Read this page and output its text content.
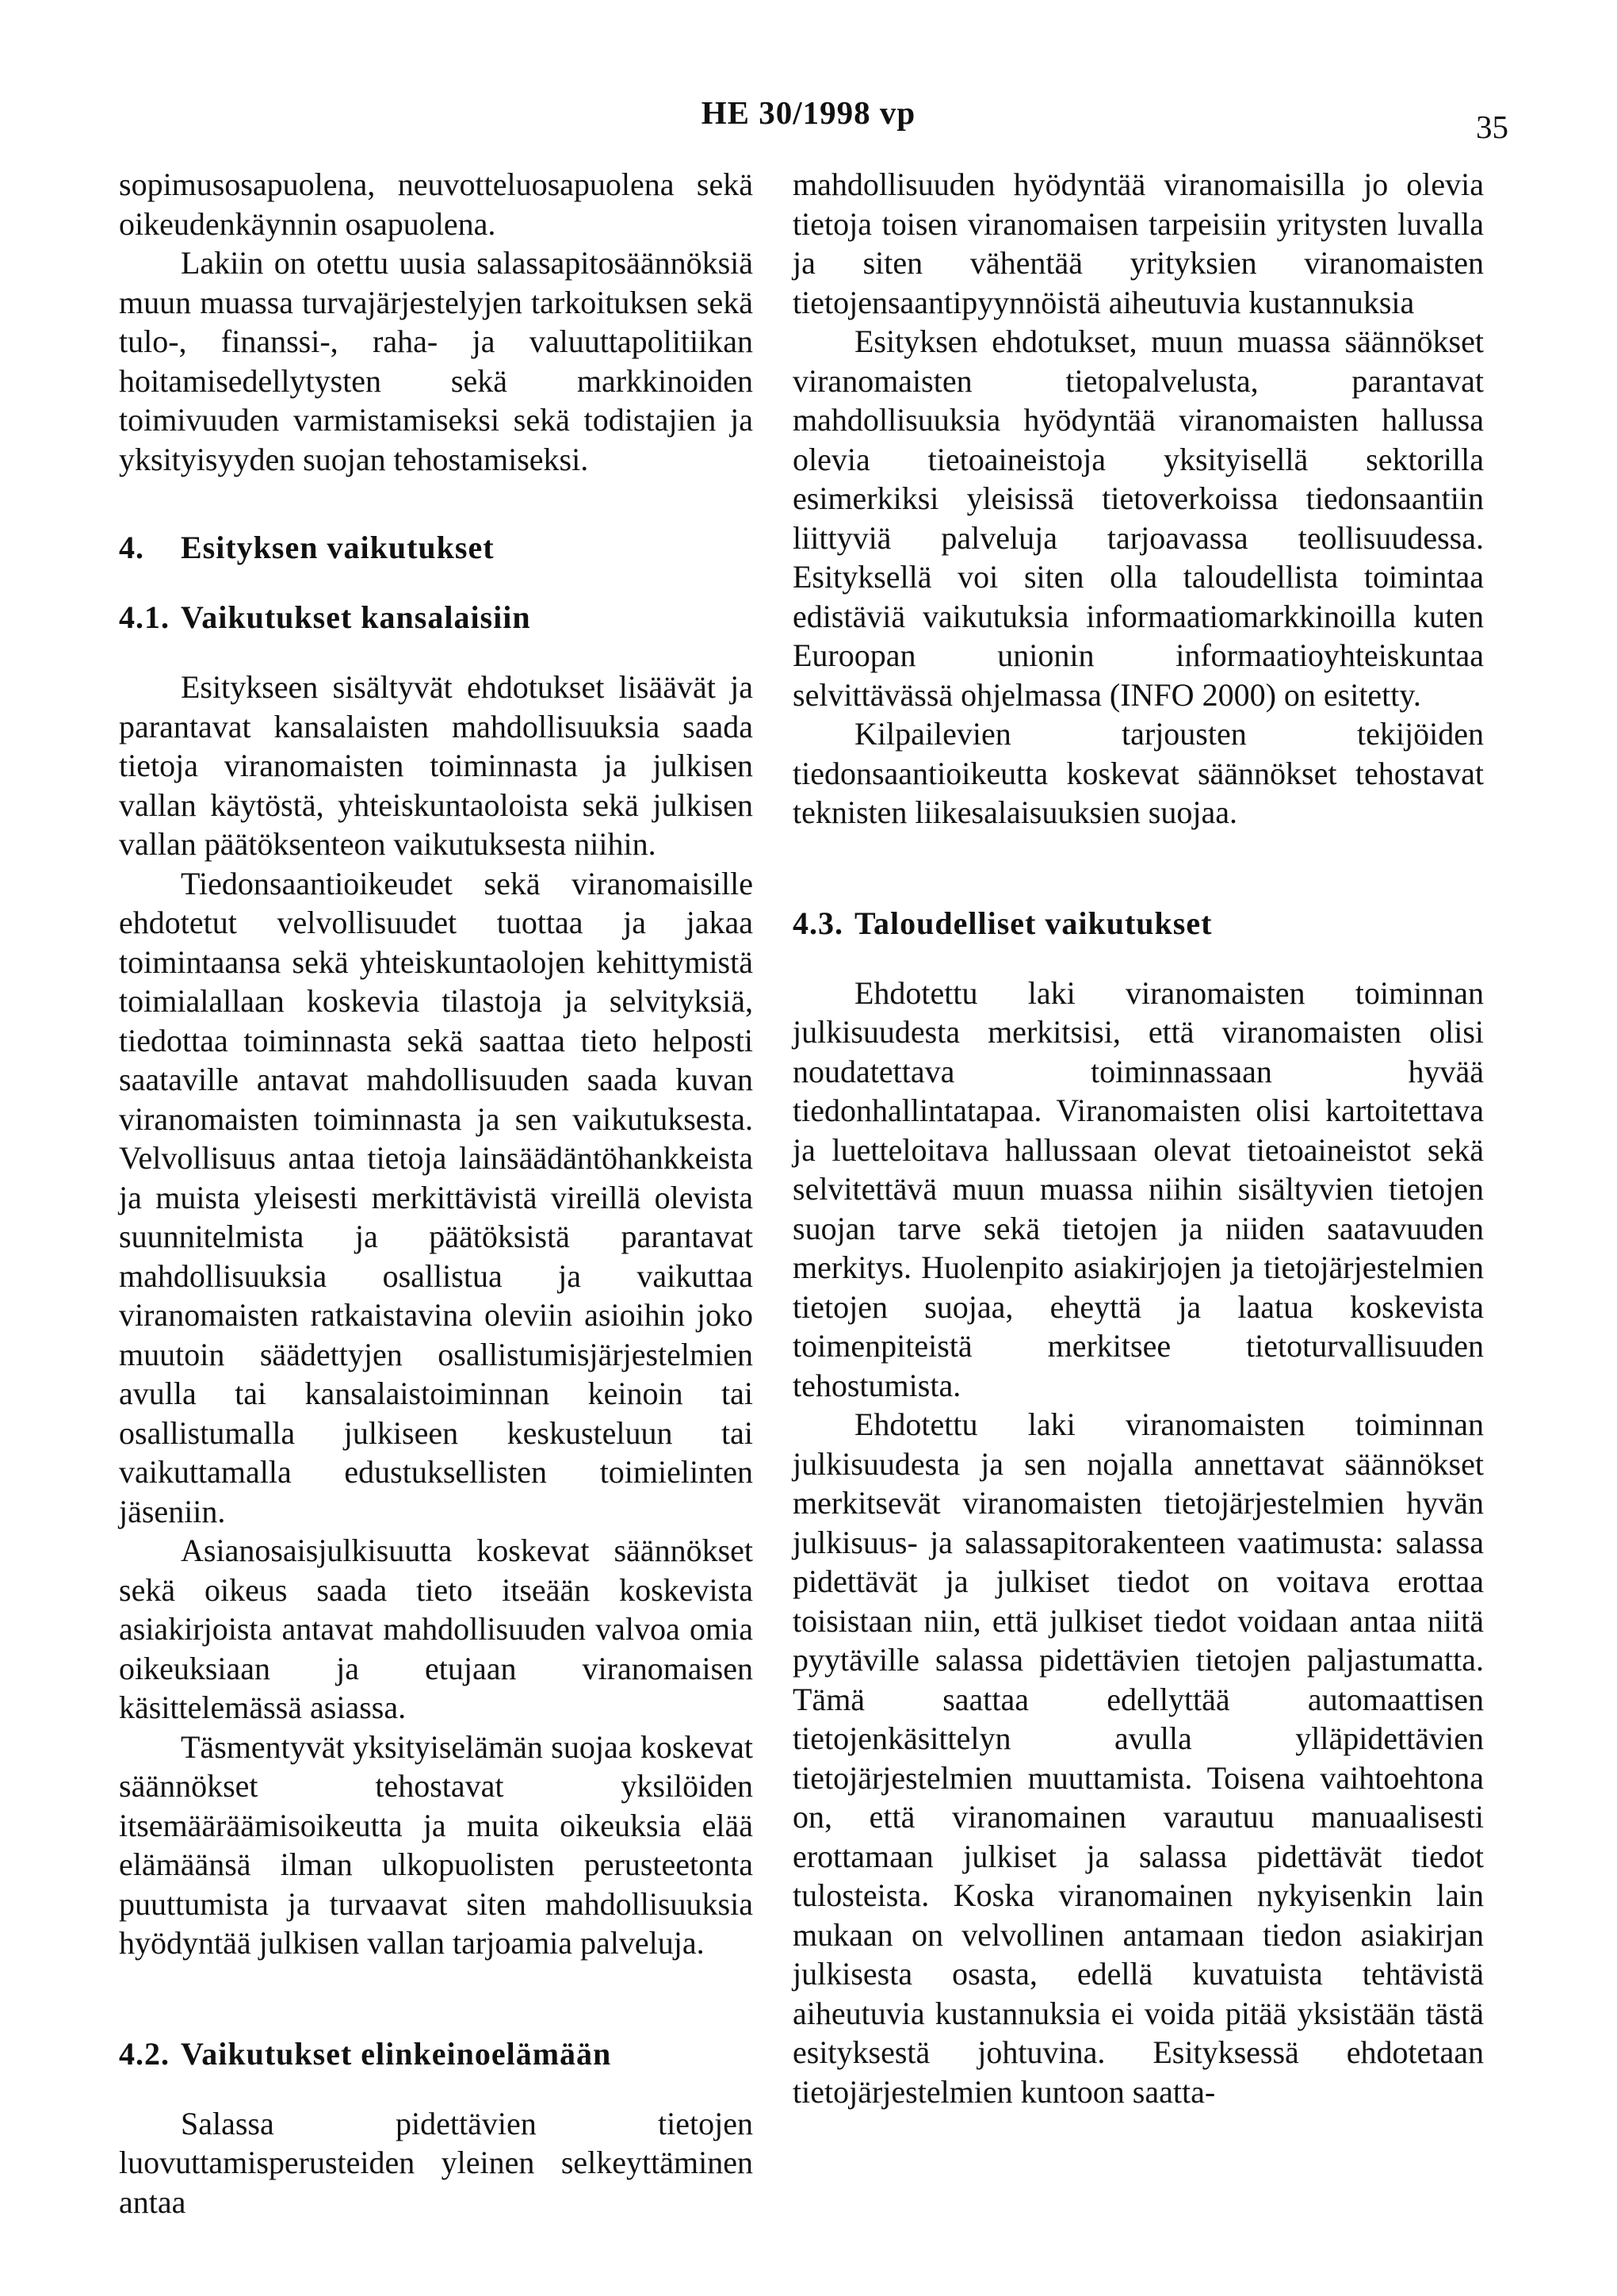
HE 30/1998 vp	35

sopimusosapuolena, neuvotteluosapuolena sekä oikeudenkäynnin osapuolena.

Lakiin on otettu uusia salassapitosäännöksiä muun muassa turvajärjestelyjen tarkoituksen sekä tulo-, finanssi-, raha- ja valuuttapolitiikan hoitamisedellytysten sekä markkinoiden toimivuuden varmistamiseksi sekä todistajien ja yksityisyyden suojan tehostamiseksi.

4. Esityksen vaikutukset

4.1. Vaikutukset kansalaisiin

Esitykseen sisältyvät ehdotukset lisäävät ja parantavat kansalaisten mahdollisuuksia saada tietoja viranomaisten toiminnasta ja julkisen vallan käytöstä, yhteiskuntaoloista sekä julkisen vallan päätöksenteon vaikutuksesta niihin.

Tiedonsaantioikeudet sekä viranomaisille ehdotetut velvollisuudet tuottaa ja jakaa toimintaansa sekä yhteiskuntaolojen kehittymistä toimialallaan koskevia tilastoja ja selvityksiä, tiedottaa toiminnasta sekä saattaa tieto helposti saataville antavat mahdollisuuden saada kuvan viranomaisten toiminnasta ja sen vaikutuksesta. Velvollisuus antaa tietoja lainsäädäntöhankkeista ja muista yleisesti merkittävistä vireillä olevista suunnitelmista ja päätöksistä parantavat mahdollisuuksia osallistua ja vaikuttaa viranomaisten ratkaistavina oleviin asioihin joko muutoin säädettyjen osallistumisjärjestelmien avulla tai kansalaistoiminnan keinoin tai osallistumalla julkiseen keskusteluun tai vaikuttamalla edustuksellisten toimielinten jäseniin.

Asianosaisjulkisuutta koskevat säännökset sekä oikeus saada tieto itseään koskevista asiakirjoista antavat mahdollisuuden valvoa omia oikeuksiaan ja etujaan viranomaisen käsittelemässä asiassa.

Täsmentyvät yksityiselämän suojaa koskevat säännökset tehostavat yksilöiden itsemääräämisoikeutta ja muita oikeuksia elää elämäänsä ilman ulkopuolisten perusteetonta puuttumista ja turvaavat siten mahdollisuuksia hyödyntää julkisen vallan tarjoamia palveluja.

4.2. Vaikutukset elinkeinoelämään

Salassa pidettävien tietojen luovuttamisperusteiden yleinen selkeyttäminen antaa

mahdollisuuden hyödyntää viranomaisilla jo olevia tietoja toisen viranomaisen tarpeisiin yritysten luvalla ja siten vähentää yrityksien viranomaisten tietojensaantipyynnöistä aiheutuvia kustannuksia

Esityksen ehdotukset, muun muassa säännökset viranomaisten tietopalvelusta, parantavat mahdollisuuksia hyödyntää viranomaisten hallussa olevia tietoaineistoja yksityisellä sektorilla esimerkiksi yleisissä tietoverkoissa tiedonsaantiin liittyviä palveluja tarjoavassa teollisuudessa. Esityksellä voi siten olla taloudellista toimintaa edistäviä vaikutuksia informaatiomarkkinoilla kuten Euroopan unionin informaatioyhteiskuntaa selvittävässä ohjelmassa (INFO 2000) on esitetty.

Kilpailevien tarjousten tekijöiden tiedonsaantioikeutta koskevat säännökset tehostavat teknisten liikesalaisuuksien suojaa.

4.3. Taloudelliset vaikutukset

Ehdotettu laki viranomaisten toiminnan julkisuudesta merkitsisi, että viranomaisten olisi noudatettava toiminnassaan hyvää tiedonhallintatapaa. Viranomaisten olisi kartoitettava ja luetteloitava hallussaan olevat tietoaineistot sekä selvitettävä muun muassa niihin sisältyvien tietojen suojan tarve sekä tietojen ja niiden saatavuuden merkitys. Huolenpito asiakirjojen ja tietojärjestelmien tietojen suojaa, eheyttä ja laatua koskevista toimenpiteistä merkitsee tietoturvallisuuden tehostumista.

Ehdotettu laki viranomaisten toiminnan julkisuudesta ja sen nojalla annettavat säännökset merkitsevät viranomaisten tietojärjestelmien hyvän julkisuus- ja salassapitorakenteen vaatimusta: salassa pidettävät ja julkiset tiedot on voitava erottaa toisistaan niin, että julkiset tiedot voidaan antaa niitä pyytäville salassa pidettävien tietojen paljastumatta. Tämä saattaa edellyttää automaattisen tietojenkäsittelyn avulla ylläpidettävien tietojärjestelmien muuttamista. Toisena vaihtoehtona on, että viranomainen varautuu manuaalisesti erottamaan julkiset ja salassa pidettävät tiedot tulosteista. Koska viranomainen nykyisenkin lain mukaan on velvollinen antamaan tiedon asiakirjan julkisesta osasta, edellä kuvatuista tehtävistä aiheutuvia kustannuksia ei voida pitää yksistään tästä esityksestä johtuvina. Esityksessä ehdotetaan tietojärjestelmien kuntoon saatta-
